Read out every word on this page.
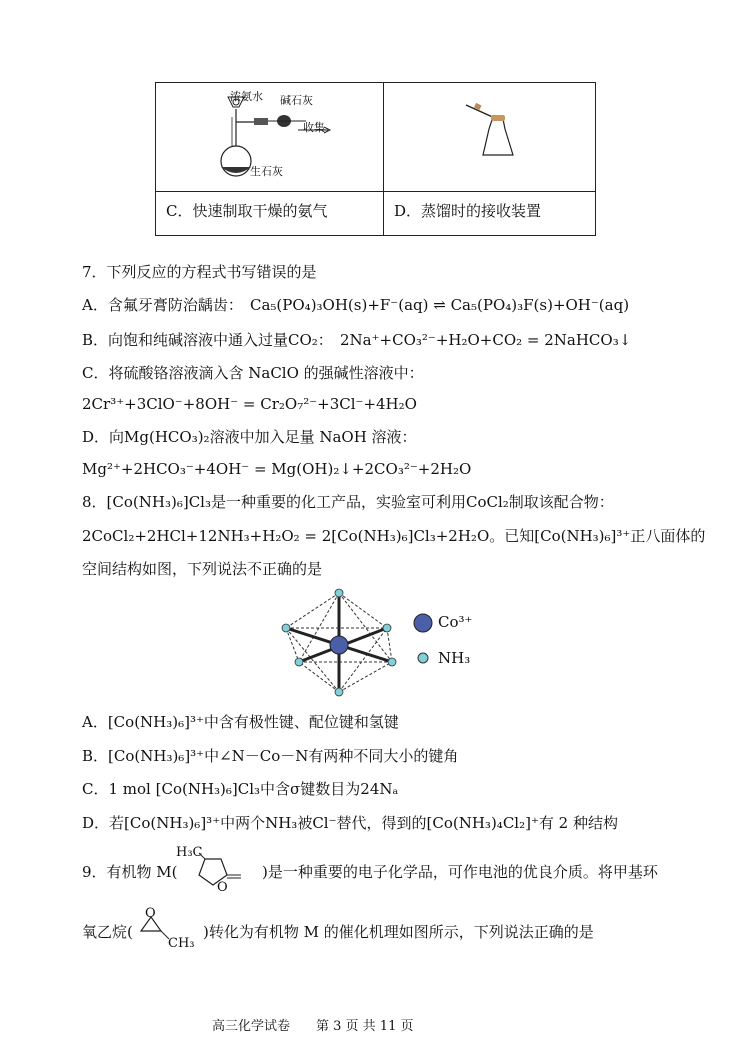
浓氨水 碱石灰
收集
生石灰
C．快速制取干燥的氨气	D．蒸馏时的接收装置
7．下列反应的方程式书写错误的是
A．含氟牙膏防治龋齿： Ca₅(PO₄)₃OH(s)+F⁻(aq) ⇌ Ca₅(PO₄)₃F(s)+OH⁻(aq)
B．向饱和纯碱溶液中通入过量CO₂： 2Na⁺+CO₃²⁻+H₂O+CO₂ = 2NaHCO₃↓
C．将硫酸铬溶液滴入含 NaClO 的强碱性溶液中：
2Cr³⁺+3ClO⁻+8OH⁻ = Cr₂O₇²⁻+3Cl⁻+4H₂O
D．向Mg(HCO₃)₂溶液中加入足量 NaOH 溶液：
Mg²⁺+2HCO₃⁻+4OH⁻ = Mg(OH)₂↓+2CO₃²⁻+2H₂O
8．[Co(NH₃)₆]Cl₃是一种重要的化工产品，实验室可利用CoCl₂制取该配合物：
2CoCl₂+2HCl+12NH₃+H₂O₂ = 2[Co(NH₃)₆]Cl₃+2H₂O。已知[Co(NH₃)₆]³⁺正八面体的
空间结构如图，下列说法不正确的是
Co³⁺
NH₃
A．[Co(NH₃)₆]³⁺中含有极性键、配位键和氢键
B．[Co(NH₃)₆]³⁺中∠N－Co－N有两种不同大小的键角
C．1 mol [Co(NH₃)₆]Cl₃中含σ键数目为24Nₐ
D．若[Co(NH₃)₆]³⁺中两个NH₃被Cl⁻替代，得到的[Co(NH₃)₄Cl₂]⁺有 2 种结构
9．有机物 M(
H₃C
O
)是一种重要的电子化学品，可作电池的优良介质。将甲基环
氧乙烷(
O
CH₃
)转化为有机物 M 的催化机理如图所示，下列说法正确的是
高三化学试卷　　第 3 页 共 11 页
